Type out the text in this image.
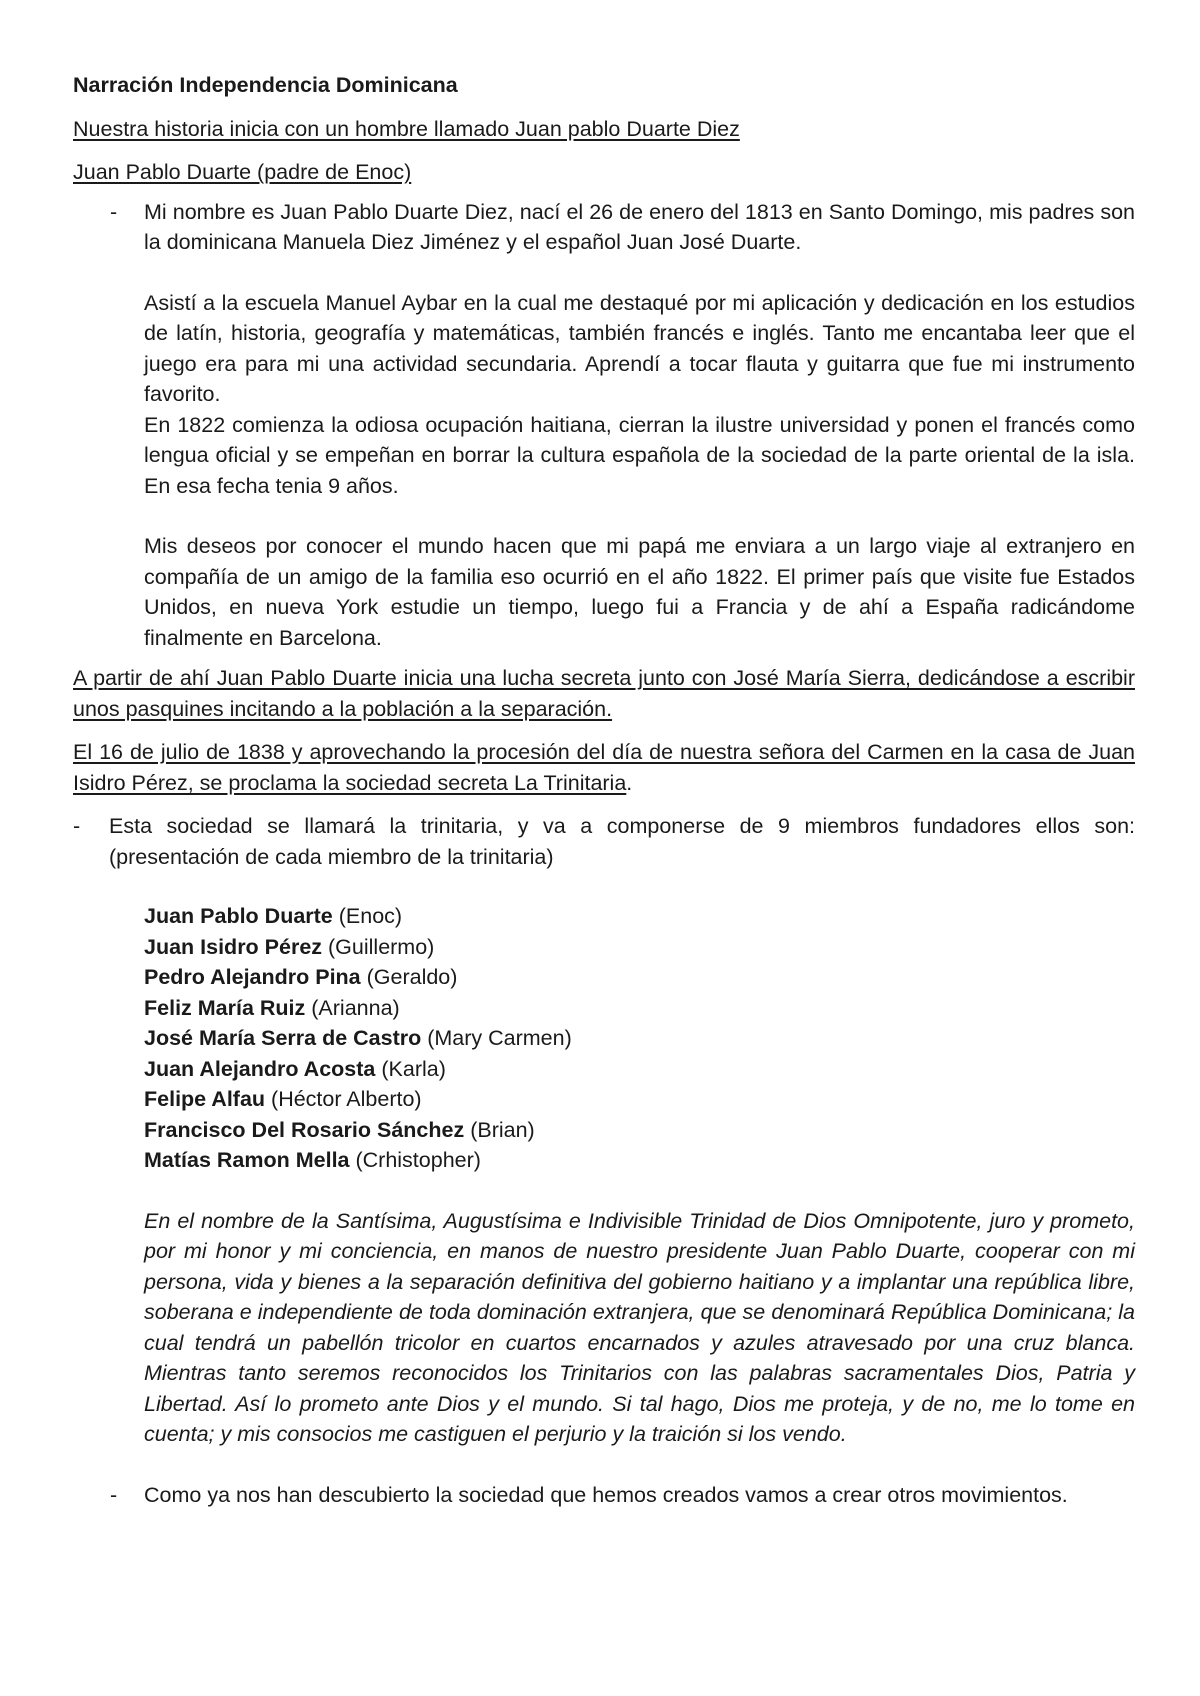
Narración Independencia Dominicana

Nuestra historia inicia con un hombre llamado Juan pablo Duarte Diez

Juan Pablo Duarte (padre de Enoc)

- Mi nombre es Juan Pablo Duarte Diez, nací el 26 de enero del 1813 en Santo Domingo, mis padres son la dominicana Manuela Diez Jiménez y el español Juan José Duarte.

Asistí a la escuela Manuel Aybar en la cual me destaqué por mi aplicación y dedicación en los estudios de latín, historia, geografía y matemáticas, también francés e inglés. Tanto me encantaba leer que el juego era para mi una actividad secundaria. Aprendí a tocar flauta y guitarra que fue mi instrumento favorito.

En 1822 comienza la odiosa ocupación haitiana, cierran la ilustre universidad y ponen el francés como lengua oficial y se empeñan en borrar la cultura española de la sociedad de la parte oriental de la isla. En esa fecha tenia 9 años.

Mis deseos por conocer el mundo hacen que mi papá me enviara a un largo viaje al extranjero en compañía de un amigo de la familia eso ocurrió en el año 1822. El primer país que visite fue Estados Unidos, en nueva York estudie un tiempo, luego fui a Francia y de ahí a España radicándome finalmente en Barcelona.

A partir de ahí Juan Pablo Duarte inicia una lucha secreta junto con José María Sierra, dedicándose a escribir unos pasquines incitando a la población a la separación.

El 16 de julio de 1838 y aprovechando la procesión del día de nuestra señora del Carmen en la casa de Juan Isidro Pérez, se proclama la sociedad secreta La Trinitaria.

- Esta sociedad se llamará la trinitaria, y va a componerse de 9 miembros fundadores ellos son: (presentación de cada miembro de la trinitaria)

Juan Pablo Duarte (Enoc)
Juan Isidro Pérez (Guillermo)
Pedro Alejandro Pina (Geraldo)
Feliz María Ruiz (Arianna)
José María Serra de Castro (Mary Carmen)
Juan Alejandro Acosta (Karla)
Felipe Alfau (Héctor Alberto)
Francisco Del Rosario Sánchez (Brian)
Matías Ramon Mella (Crhistopher)

En el nombre de la Santísima, Augustísima e Indivisible Trinidad de Dios Omnipotente, juro y prometo, por mi honor y mi conciencia, en manos de nuestro presidente Juan Pablo Duarte, cooperar con mi persona, vida y bienes a la separación definitiva del gobierno haitiano y a implantar una república libre, soberana e independiente de toda dominación extranjera, que se denominará República Dominicana; la cual tendrá un pabellón tricolor en cuartos encarnados y azules atravesado por una cruz blanca. Mientras tanto seremos reconocidos los Trinitarios con las palabras sacramentales Dios, Patria y Libertad. Así lo prometo ante Dios y el mundo. Si tal hago, Dios me proteja, y de no, me lo tome en cuenta; y mis consocios me castiguen el perjurio y la traición si los vendo.

- Como ya nos han descubierto la sociedad que hemos creados vamos a crear otros movimientos.
